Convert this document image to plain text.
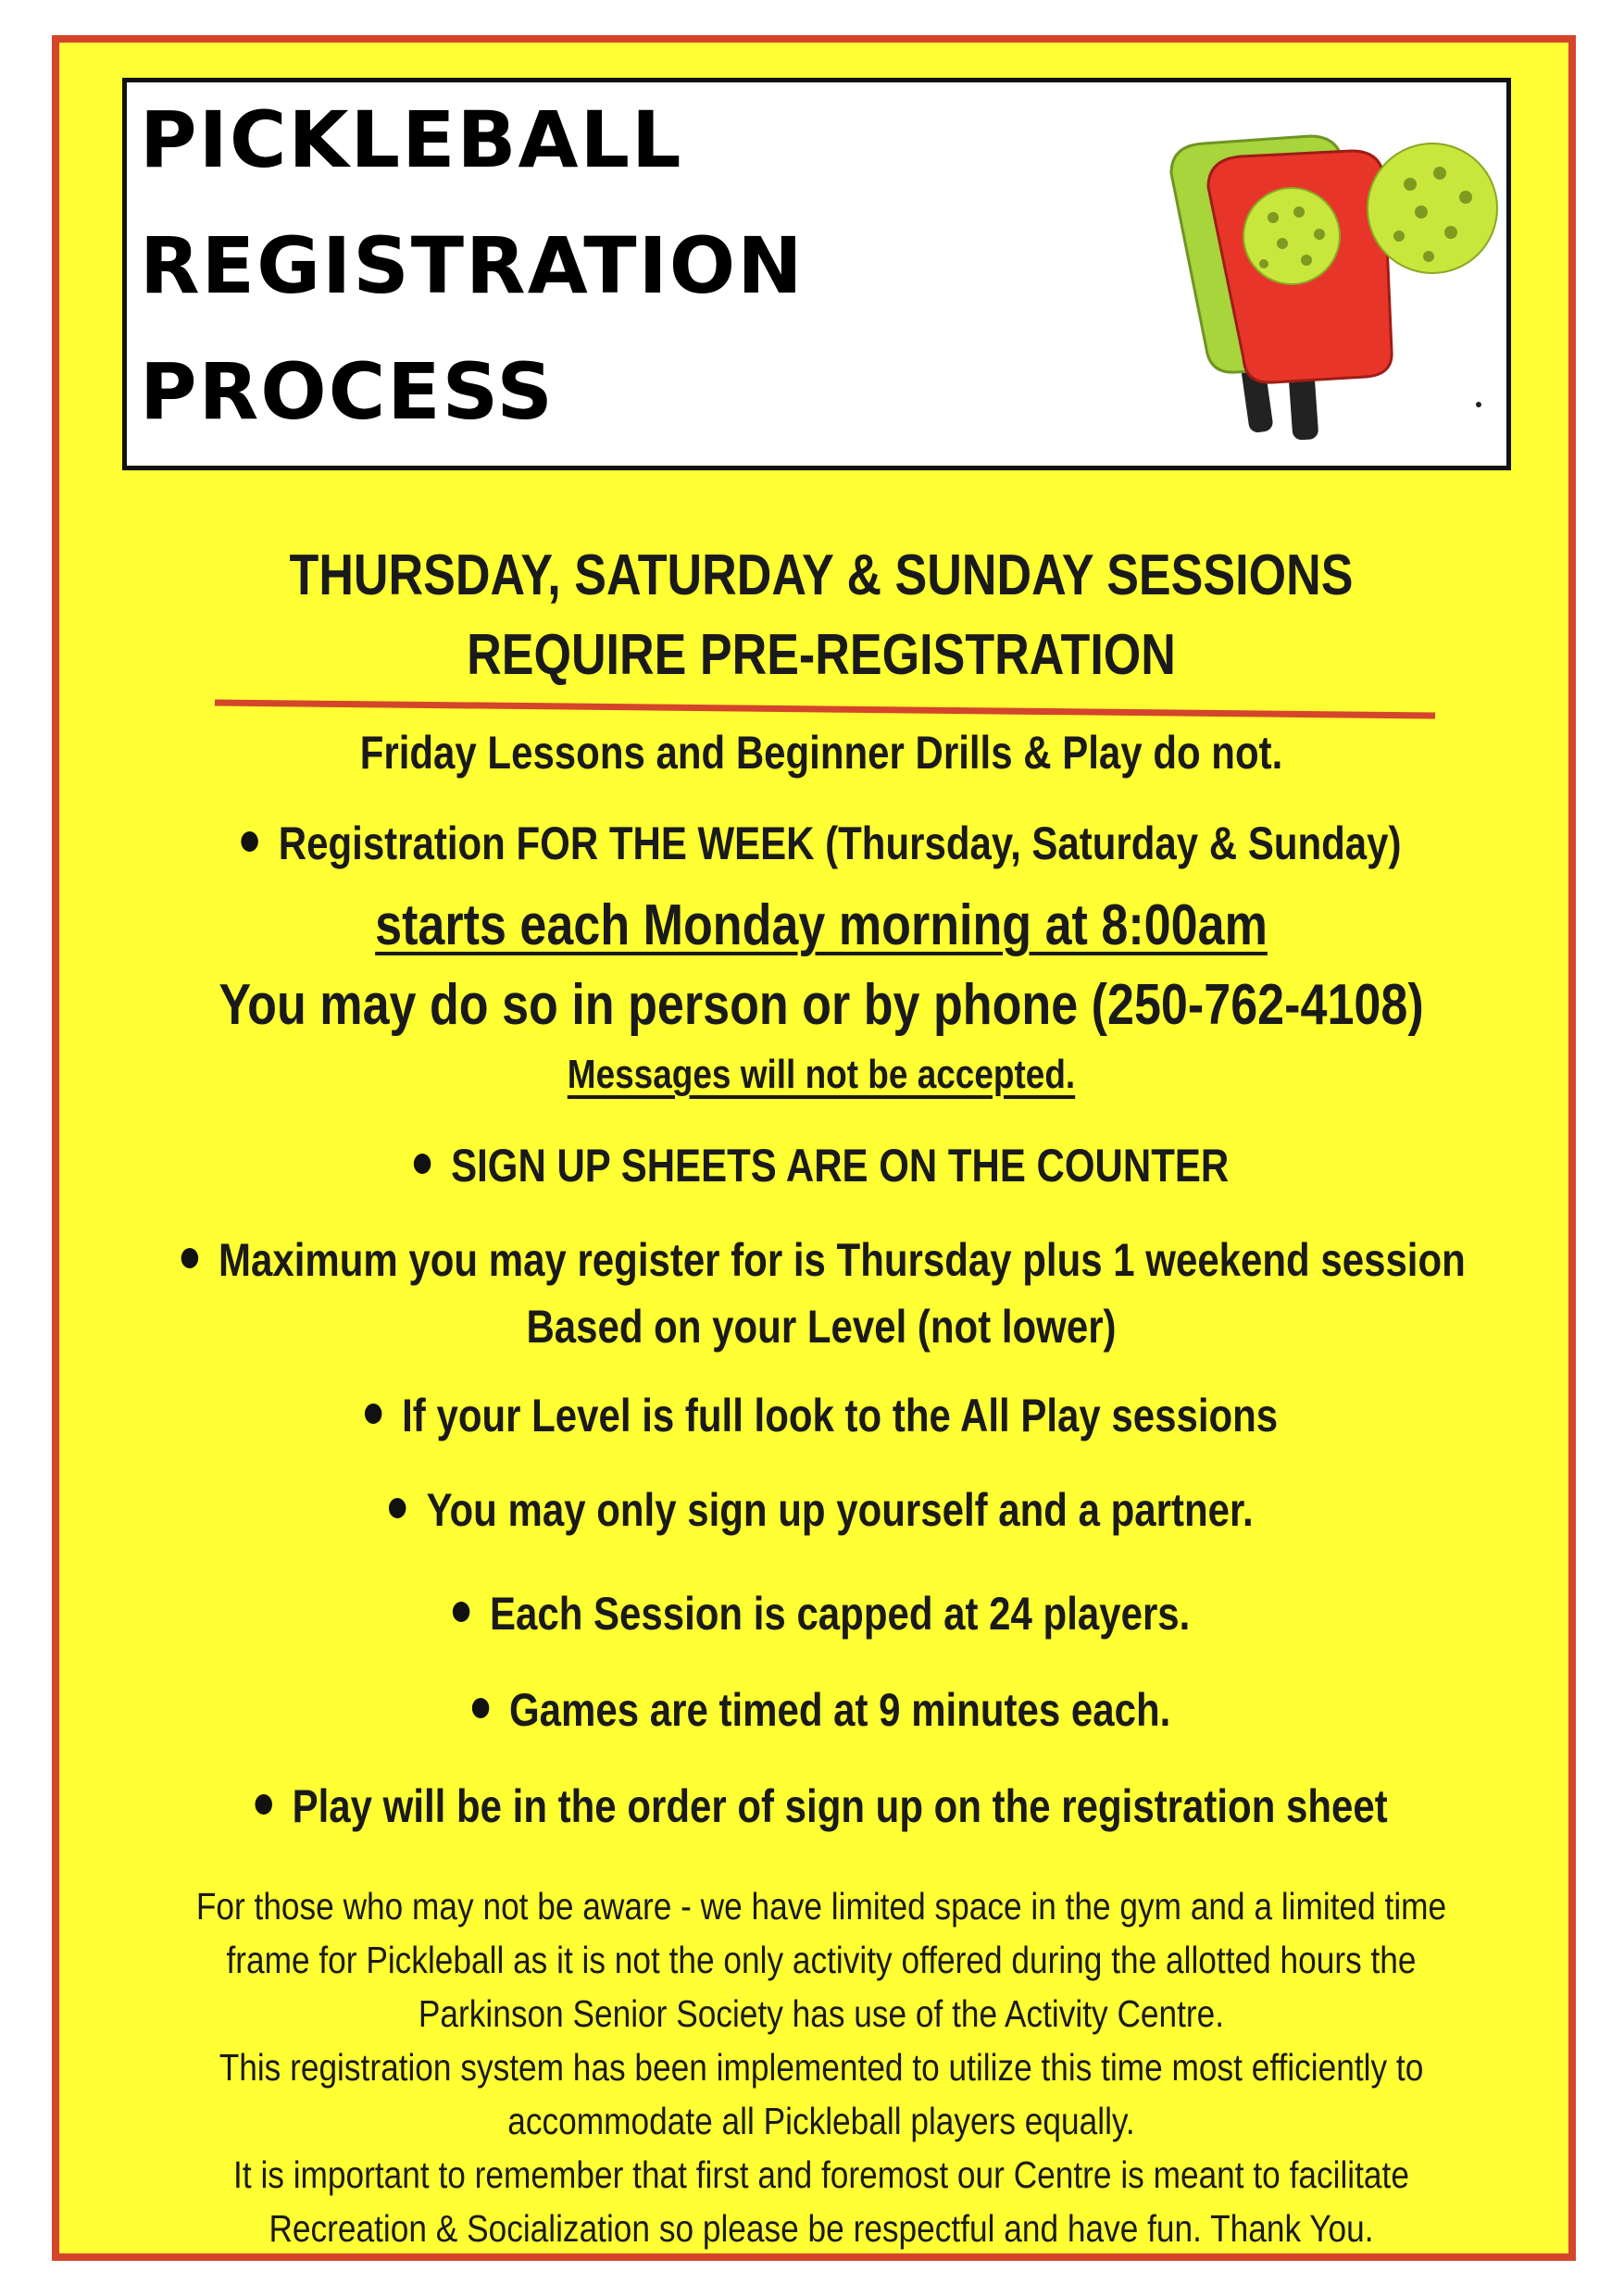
PICKLEBALL
REGISTRATION
PROCESS
THURSDAY, SATURDAY & SUNDAY SESSIONS
REQUIRE PRE-REGISTRATION
Friday Lessons and Beginner Drills & Play do not.
Registration FOR THE WEEK (Thursday, Saturday & Sunday)
starts each Monday morning at 8:00am
You may do so in person or by phone (250-762-4108)
Messages will not be accepted.
SIGN UP SHEETS ARE ON THE COUNTER
Maximum you may register for is Thursday plus 1 weekend session
Based on your Level (not lower)
If your Level is full look to the All Play sessions
You may only sign up yourself and a partner.
Each Session is capped at 24 players.
Games are timed at 9 minutes each.
Play will be in the order of sign up on the registration sheet
For those who may not be aware - we have limited space in the gym and a limited time
frame for Pickleball as it is not the only activity offered during the allotted hours the
Parkinson Senior Society has use of the Activity Centre.
This registration system has been implemented to utilize this time most efficiently to
accommodate all Pickleball players equally.
It is important to remember that first and foremost our Centre is meant to facilitate
Recreation & Socialization so please be respectful and have fun. Thank You.
